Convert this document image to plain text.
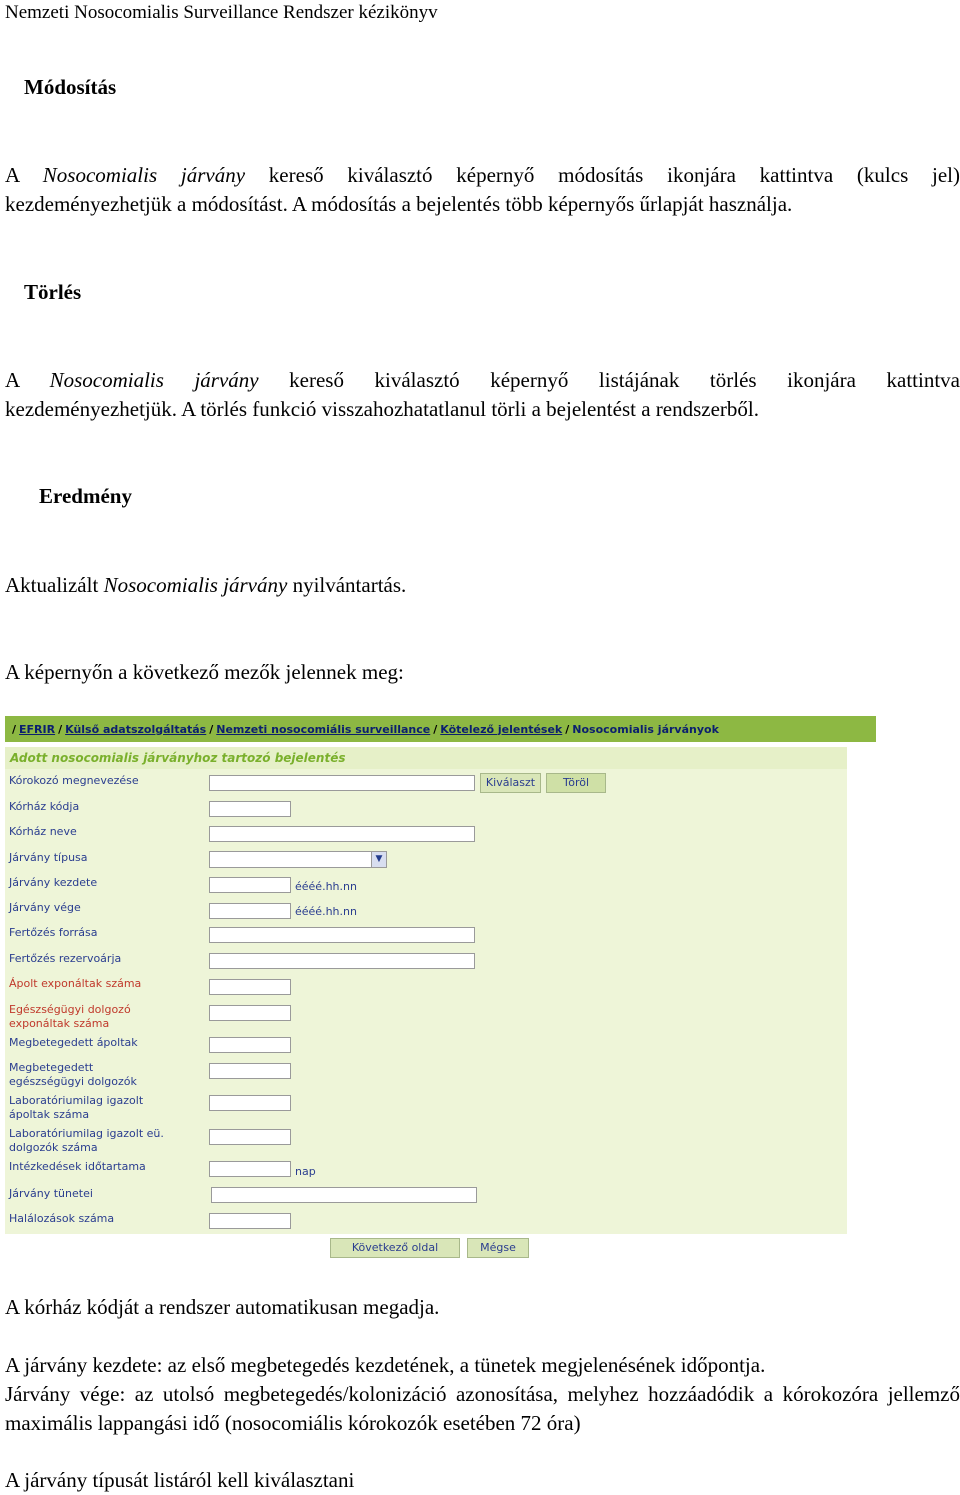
Nemzeti Nosocomialis Surveillance Rendszer kézikönyv
Módosítás
A Nosocomialis járvány kereső kiválasztó képernyő módosítás ikonjára kattintva (kulcs jel)
kezdeményezhetjük a módosítást. A módosítás a bejelentés több képernyős űrlapját használja.
Törlés
A Nosocomialis járvány kereső kiválasztó képernyő listájának törlés ikonjára kattintva
kezdeményezhetjük. A törlés funkció visszahozhatatlanul törli a bejelentést a rendszerből.
Eredmény
Aktualizált Nosocomialis járvány nyilvántartás.
A képernyőn a következő mezők jelennek meg:
/ EFRIR / Külső adatszolgáltatás / Nemzeti nosocomiális surveillance / Kötelező jelentések / Nosocomialis járványok
Adott nosocomialis járványhoz tartozó bejelentés
Kórokozó megnevezése	Kiválaszt	Töröl
Kórház kódja
Kórház neve
Járvány típusa	▼
Járvány kezdete	éééé.hh.nn
Járvány vége	éééé.hh.nn
Fertőzés forrása
Fertőzés rezervoárja
Ápolt exponáltak száma
Egészségügyi dolgozó
exponáltak száma
Megbetegedett ápoltak
Megbetegedett
egészségügyi dolgozók
Laboratóriumilag igazolt
ápoltak száma
Laboratóriumilag igazolt eü.
dolgozók száma
Intézkedések időtartama	nap
Járvány tünetei
Halálozások száma
Következő oldal	Mégse
A kórház kódját a rendszer automatikusan megadja.
A járvány kezdete: az első megbetegedés kezdetének, a tünetek megjelenésének időpontja.
Járvány vége: az utolsó megbetegedés/kolonizáció azonosítása, melyhez hozzáadódik a kórokozóra jellemző maximális lappangási idő (nosocomiális kórokozók esetében 72 óra)
A járvány típusát listáról kell kiválasztani
